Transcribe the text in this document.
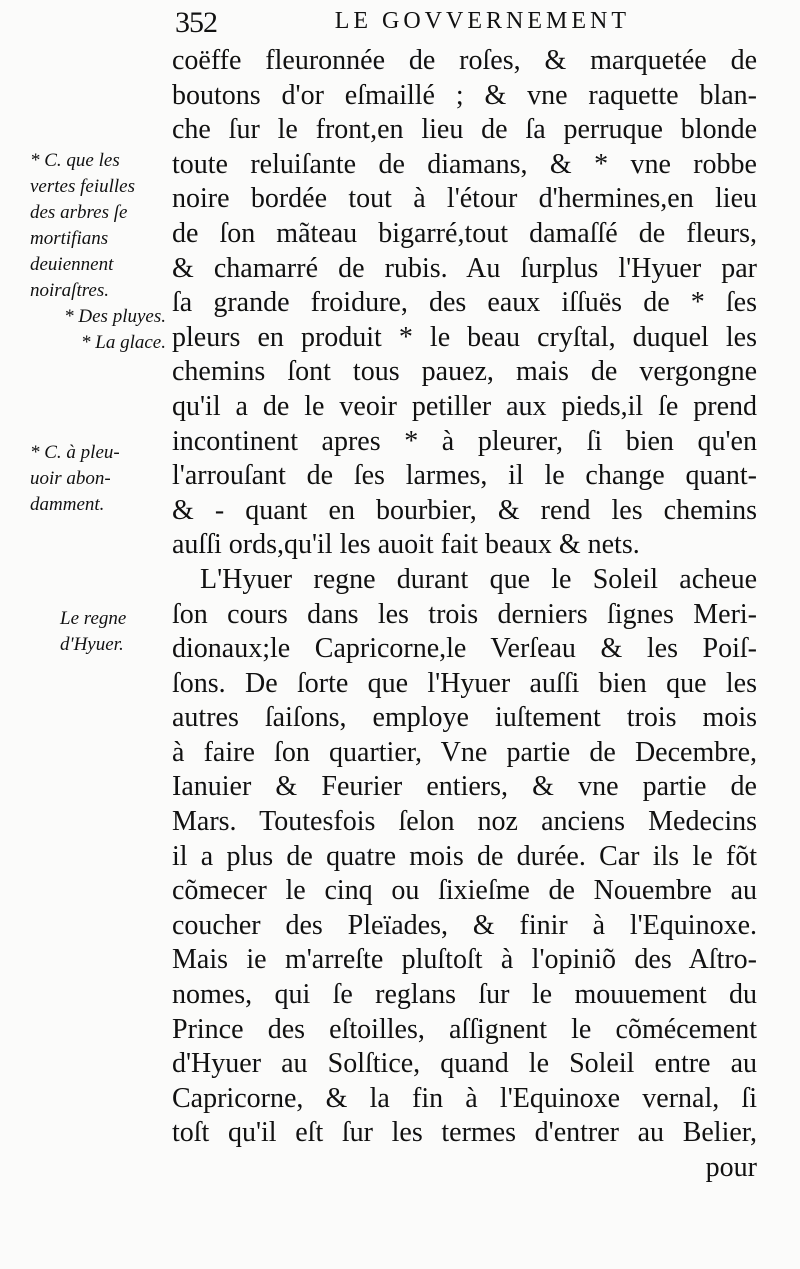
352	LE GOVVERNEMENT
coëffe fleuronnée de roſes, & marquetée de
boutons d'or eſmaillé ; & vne raquette blan-
che ſur le front,en lieu de ſa perruque blonde
toute reluiſante de diamans, & * vne robbe
noire bordée tout à l'étour d'hermines,en lieu
de ſon mãteau bigarré,tout damaſſé de fleurs,
& chamarré de rubis. Au ſurplus l'Hyuer par
ſa grande froidure, des eaux iſſuës de * ſes
pleurs en produit * le beau cryſtal, duquel les
chemins ſont tous pauez, mais de vergongne
qu'il a de le veoir petiller aux pieds,il ſe prend
incontinent apres * à pleurer, ſi bien qu'en
l'arrouſant de ſes larmes, il le change quant-
& - quant en bourbier, & rend les chemins
auſſi ords,qu'il les auoit fait beaux & nets.
L'Hyuer regne durant que le Soleil acheue
ſon cours dans les trois derniers ſignes Meri-
dionaux;le Capricorne,le Verſeau & les Poiſ-
ſons. De ſorte que l'Hyuer auſſi bien que les
autres ſaiſons, employe iuſtement trois mois
à faire ſon quartier, Vne partie de Decembre,
Ianuier & Feurier entiers, & vne partie de
Mars. Toutesfois ſelon noz anciens Medecins
il a plus de quatre mois de durée. Car ils le fõt
cõmecer le cinq ou ſixieſme de Nouembre au
coucher des Pleïades, & finir à l'Equinoxe.
Mais ie m'arreſte pluſtoſt à l'opiniõ des Aſtro-
nomes, qui ſe reglans ſur le mouuement du
Prince des eſtoilles, aſſignent le cõmécement
d'Hyuer au Solſtice, quand le Soleil entre au
Capricorne, & la fin à l'Equinoxe vernal, ſi
toſt qu'il eſt ſur les termes d'entrer au Belier,
pour
* C. que les
vertes feiulles
des arbres ſe
mortifians
deuiennent
noiraſtres.
* Des pluyes.
* La glace.
* C. à pleu-
uoir abon-
damment.
Le regne
d'Hyuer.
